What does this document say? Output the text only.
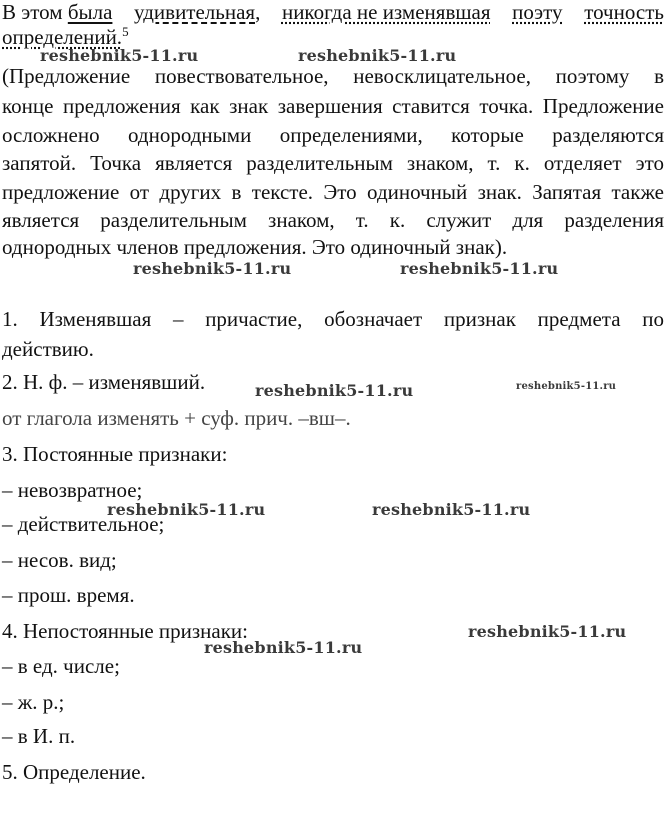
В этом была удивительная, никогда не изменявшая поэту точность
определений.$^5$
(Предложение повествовательное, невосклицательное, поэтому в
конце предложения как знак завершения ставится точка. Предложение
осложнено однородными определениями, которые разделяются
запятой. Точка является разделительным знаком, т. к. отделяет это
предложение от других в тексте. Это одиночный знак. Запятая также
является разделительным знаком, т. к. служит для разделения
однородных членов предложения. Это одиночный знак).
1. Изменявшая – причастие, обозначает признак предмета по
действию.
2. Н. ф. – изменявший.
от глагола изменять + суф. прич. –вш–.
3. Постоянные признаки:
– невозвратное;
– действительное;
– несов. вид;
– прош. время.
4. Непостоянные признаки:
– в ед. числе;
– ж. р.;
– в И. п.
5. Определение.
reshebnik5-11.ru	reshebnik5-11.ru
reshebnik5-11.ru	reshebnik5-11.ru
reshebnik5-11.ru	reshebnik5-11.ru
reshebnik5-11.ru	reshebnik5-11.ru
reshebnik5-11.ru
reshebnik5-11.ru
